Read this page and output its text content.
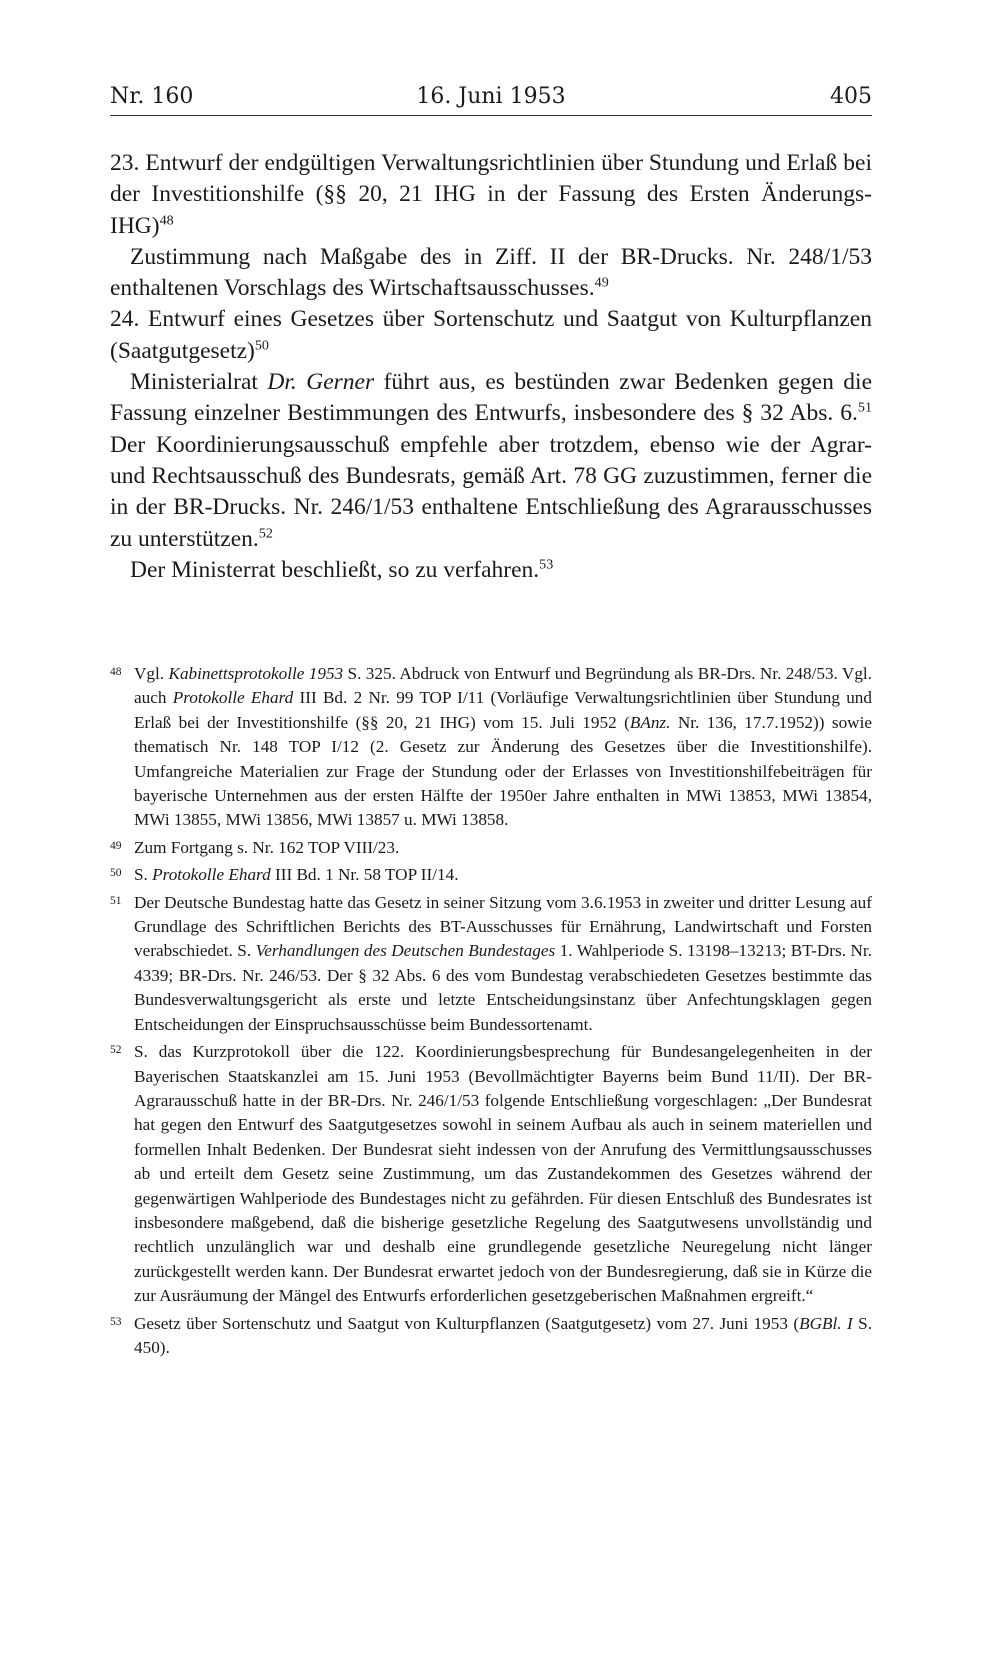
Nr. 160	16. Juni 1953	405

23. Entwurf der endgültigen Verwaltungsrichtlinien über Stundung und Erlaß bei der Investitionshilfe (§§ 20, 21 IHG in der Fassung des Ersten Änderungs-IHG)$^{48}$

Zustimmung nach Maßgabe des in Ziff. II der BR-Drucks. Nr. 248/1/53 enthaltenen Vorschlags des Wirtschaftsausschusses.$^{49}$

24. Entwurf eines Gesetzes über Sortenschutz und Saatgut von Kulturpflanzen (Saatgutgesetz)$^{50}$

Ministerialrat Dr. Gerner führt aus, es bestünden zwar Bedenken gegen die Fassung einzelner Bestimmungen des Entwurfs, insbesondere des § 32 Abs. 6.51 Der Koordinierungsausschuß empfehle aber trotzdem, ebenso wie der Agrar- und Rechtsausschuß des Bundesrats, gemäß Art. 78 GG zuzustimmen, ferner die in der BR-Drucks. Nr. 246/1/53 enthaltene Entschließung des Agrarausschusses zu unterstützen.$^{52}$

Der Ministerrat beschließt, so zu verfahren.$^{53}$

48 Vgl. Kabinettsprotokolle 1953 S. 325. Abdruck von Entwurf und Begründung als BR-Drs. Nr. 248/53. Vgl. auch Protokolle Ehard III Bd. 2 Nr. 99 TOP I/11 (Vorläufige Verwaltungsrichtlinien über Stundung und Erlaß bei der Investitionshilfe (§§ 20, 21 IHG) vom 15. Juli 1952 (BAnz. Nr. 136, 17.7.1952)) sowie thematisch Nr. 148 TOP I/12 (2. Gesetz zur Änderung des Gesetzes über die Investitionshilfe). Umfangreiche Materialien zur Frage der Stundung oder der Erlasses von Investitionshilfebeiträgen für bayerische Unternehmen aus der ersten Hälfte der 1950er Jahre enthalten in MWi 13853, MWi 13854, MWi 13855, MWi 13856, MWi 13857 u. MWi 13858.
49 Zum Fortgang s. Nr. 162 TOP VIII/23.
50 S. Protokolle Ehard III Bd. 1 Nr. 58 TOP II/14.
51 Der Deutsche Bundestag hatte das Gesetz in seiner Sitzung vom 3.6.1953 in zweiter und dritter Lesung auf Grundlage des Schriftlichen Berichts des BT-Ausschusses für Ernährung, Landwirtschaft und Forsten verabschiedet. S. Verhandlungen des Deutschen Bundestages 1. Wahlperiode S. 13198–13213; BT-Drs. Nr. 4339; BR-Drs. Nr. 246/53. Der § 32 Abs. 6 des vom Bundestag verabschiedeten Gesetzes bestimmte das Bundesverwaltungsgericht als erste und letzte Entscheidungsinstanz über Anfechtungsklagen gegen Entscheidungen der Einspruchsausschüsse beim Bundessortenamt.
52 S. das Kurzprotokoll über die 122. Koordinierungsbesprechung für Bundesangelegenheiten in der Bayerischen Staatskanzlei am 15. Juni 1953 (Bevollmächtigter Bayerns beim Bund 11/II). Der BR-Agrarausschuß hatte in der BR-Drs. Nr. 246/1/53 folgende Entschließung vorgeschlagen: „Der Bundesrat hat gegen den Entwurf des Saatgutgesetzes sowohl in seinem Aufbau als auch in seinem materiellen und formellen Inhalt Bedenken. Der Bundesrat sieht indessen von der Anrufung des Vermittlungsausschusses ab und erteilt dem Gesetz seine Zustimmung, um das Zustandekommen des Gesetzes während der gegenwärtigen Wahlperiode des Bundestages nicht zu gefährden. Für diesen Entschluß des Bundesrates ist insbesondere maßgebend, daß die bisherige gesetzliche Regelung des Saatgutwesens unvollständig und rechtlich unzulänglich war und deshalb eine grundlegende gesetzliche Neuregelung nicht länger zurückgestellt werden kann. Der Bundesrat erwartet jedoch von der Bundesregierung, daß sie in Kürze die zur Ausräumung der Mängel des Entwurfs erforderlichen gesetzgeberischen Maßnahmen ergreift.“
53 Gesetz über Sortenschutz und Saatgut von Kulturpflanzen (Saatgutgesetz) vom 27. Juni 1953 (BGBl. I S. 450).
